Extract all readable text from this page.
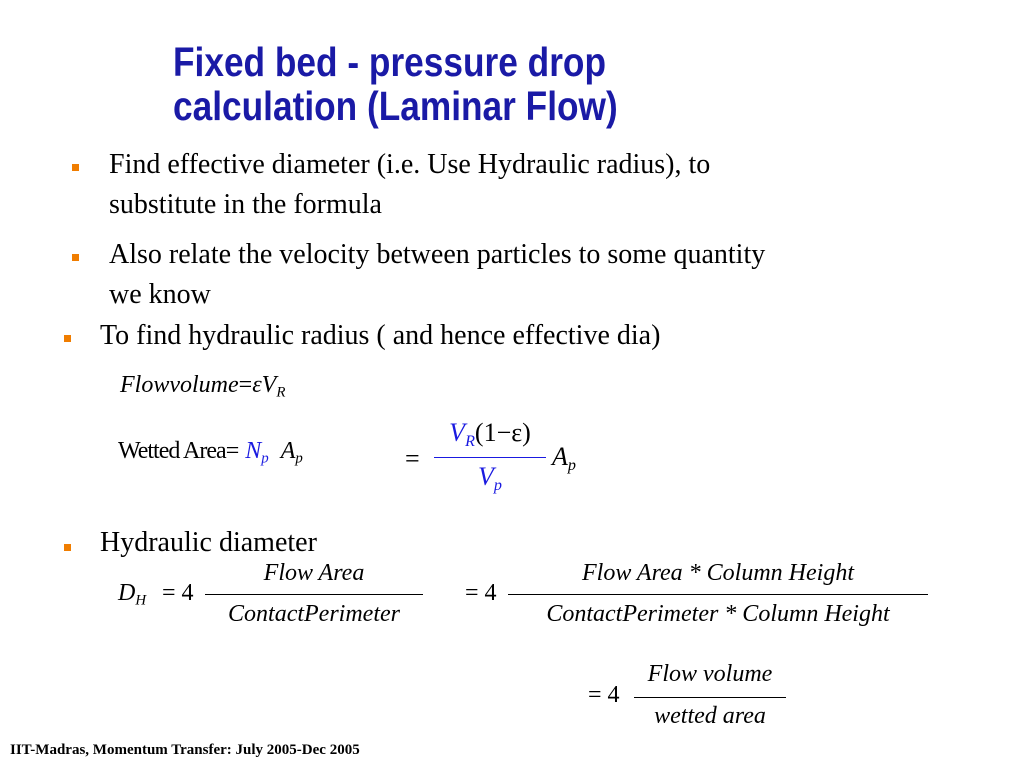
Fixed bed - pressure drop
calculation (Laminar Flow)
Find effective diameter (i.e. Use Hydraulic radius), to
substitute in the formula
Also relate the velocity between particles to some quantity
we know
To find hydraulic radius ( and hence effective dia)
$Flowvolume=\varepsilon V_R$
Wetted Area= $N_p$ $A_p$	=
$V_R(1-\varepsilon)$
$V_p$
$A_p$
Hydraulic diameter
$D_H = 4$
Flow Area
ContactPerimeter
= 4
Flow Area * Column Height
ContactPerimeter * Column Height
= 4
Flow volume
wetted area
IIT-Madras, Momentum Transfer: July 2005-Dec 2005
